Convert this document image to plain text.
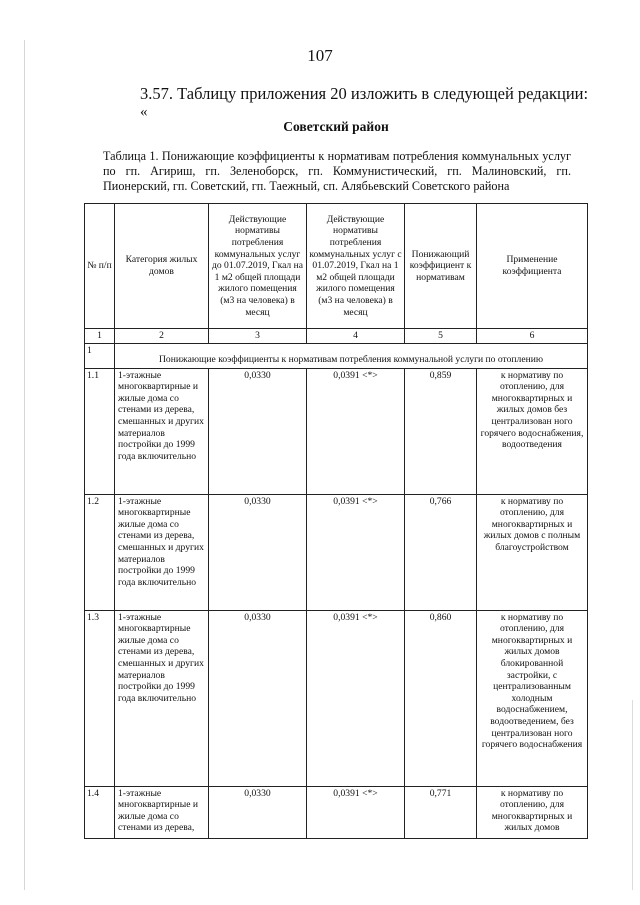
107
3.57. Таблицу приложения 20 изложить в следующей редакции:
«
Советский район
Таблица 1. Понижающие коэффициенты к нормативам потребления коммунальных услуг по гп. Агириш, гп. Зеленоборск, гп. Коммунистический, гп. Малиновский, гп. Пионерский, гп. Советский, гп. Таежный, сп. Алябьевский Советского района
№ п/п	Категория жилых домов	Действующие нормативы потребления коммунальных услуг до 01.07.2019, Гкал на 1 м2 общей площади жилого помещения (м3 на человека) в месяц	Действующие нормативы потребления коммунальных услуг с 01.07.2019, Гкал на 1 м2 общей площади жилого помещения (м3 на человека) в месяц	Понижающий коэффициент к нормативам	Применение коэффициента
1	2	3	4	5	6
1	Понижающие коэффициенты к нормативам потребления коммунальной услуги по отоплению				

1.1	1-этажные многоквартирные и жилые дома со стенами из дерева, смешанных и других материалов постройки до 1999 года включительно	0,0330	0,0391 <*>	0,859	к нормативу по отоплению, для многоквартирных и жилых домов без централизован ного горячего водоснабжения, водоотведения
1.2	1-этажные многоквартирные жилые дома со стенами из дерева, смешанных и других материалов постройки до 1999 года включительно	0,0330	0,0391 <*>	0,766	к нормативу по отоплению, для многоквартирных и жилых домов с полным благоустройством
1.3	1-этажные многоквартирные жилые дома со стенами из дерева, смешанных и других материалов постройки до 1999 года включительно	0,0330	0,0391 <*>	0,860	к нормативу по отоплению, для многоквартирных и жилых домов блокированной застройки, с централизованным холодным водоснабжением, водоотведением, без централизован ного горячего водоснабжения
1.4	1-этажные многоквартирные и жилые дома со стенами из дерева,	0,0330	0,0391 <*>	0,771	к нормативу по отоплению, для многоквартирных и жилых домов
